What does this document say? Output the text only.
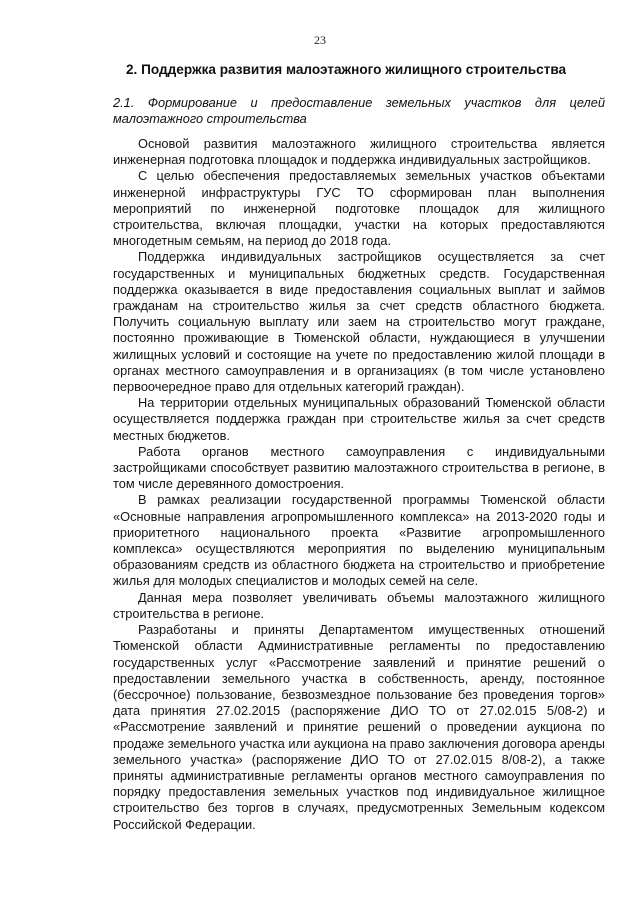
23
2. Поддержка развития малоэтажного жилищного строительства
2.1. Формирование и предоставление земельных участков для целей малоэтажного строительства

Основой развития малоэтажного жилищного строительства является инженерная подготовка площадок и поддержка индивидуальных застройщиков.

С целью обеспечения предоставляемых земельных участков объектами инженерной инфраструктуры ГУС ТО сформирован план выполнения мероприятий по инженерной подготовке площадок для жилищного строительства, включая площадки, участки на которых предоставляются многодетным семьям, на период до 2018 года.

Поддержка индивидуальных застройщиков осуществляется за счет государственных и муниципальных бюджетных средств. Государственная поддержка оказывается в виде предоставления социальных выплат и займов гражданам на строительство жилья за счет средств областного бюджета. Получить социальную выплату или заем на строительство могут граждане, постоянно проживающие в Тюменской области, нуждающиеся в улучшении жилищных условий и состоящие на учете по предоставлению жилой площади в органах местного самоуправления и в организациях (в том числе установлено первоочередное право для отдельных категорий граждан).

На территории отдельных муниципальных образований Тюменской области осуществляется поддержка граждан при строительстве жилья за счет средств местных бюджетов.

Работа органов местного самоуправления с индивидуальными застройщиками способствует развитию малоэтажного строительства в регионе, в том числе деревянного домостроения.

В рамках реализации государственной программы Тюменской области «Основные направления агропромышленного комплекса» на 2013-2020 годы и приоритетного национального проекта «Развитие агропромышленного комплекса» осуществляются мероприятия по выделению муниципальным образованиям средств из областного бюджета на строительство и приобретение жилья для молодых специалистов и молодых семей на селе.

Данная мера позволяет увеличивать объемы малоэтажного жилищного строительства в регионе.

Разработаны и приняты Департаментом имущественных отношений Тюменской области Административные регламенты по предоставлению государственных услуг «Рассмотрение заявлений и принятие решений о предоставлении земельного участка в собственность, аренду, постоянное (бессрочное) пользование, безвозмездное пользование без проведения торгов» дата принятия 27.02.2015 (распоряжение ДИО ТО от 27.02.015 5/08-2) и «Рассмотрение заявлений и принятие решений о проведении аукциона по продаже земельного участка или аукциона на право заключения договора аренды земельного участка» (распоряжение ДИО ТО от 27.02.015 8/08-2), а также приняты административные регламенты органов местного самоуправления по порядку предоставления земельных участков под индивидуальное жилищное строительство без торгов в случаях, предусмотренных Земельным кодексом Российской Федерации.
